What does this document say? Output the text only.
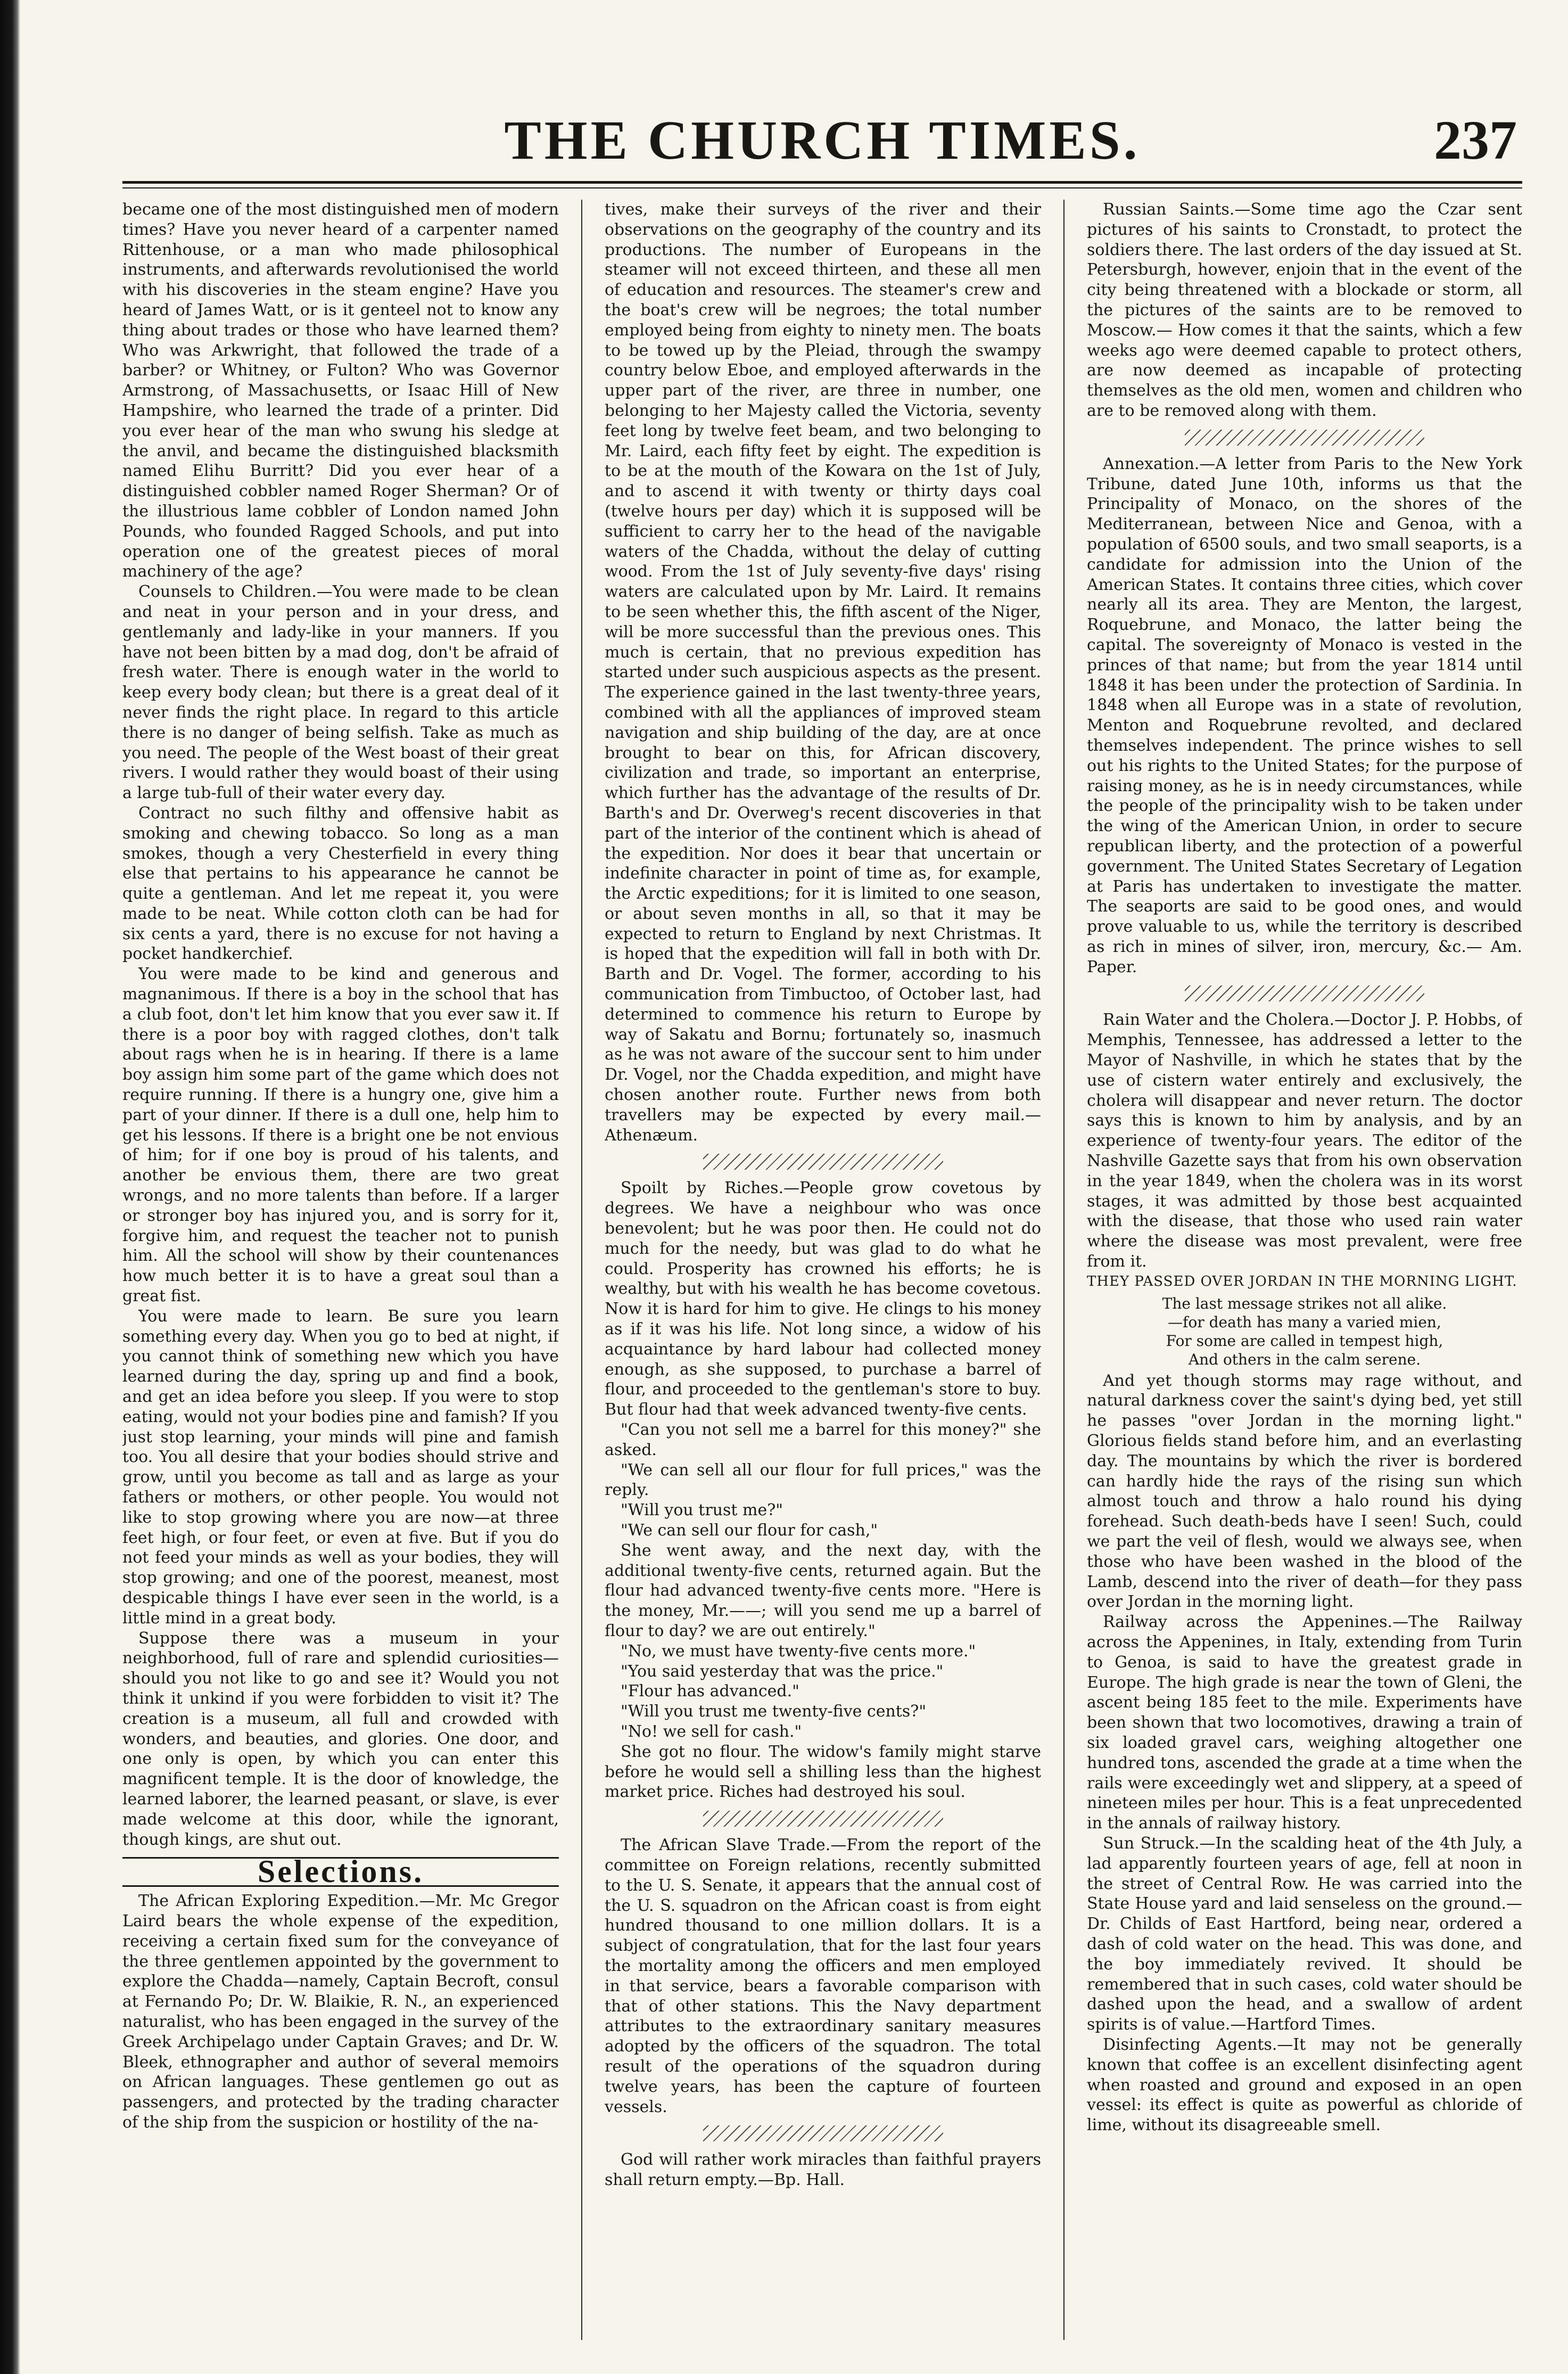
THE CHURCH TIMES.	237

became one of the most distinguished men of modern times? Have you never heard of a carpenter named Rittenhouse, or a man who made philosophical instruments, and afterwards revolutionised the world with his discoveries in the steam engine? Have you heard of James Watt, or is it genteel not to know any thing about trades or those who have learned them? Who was Arkwright, that followed the trade of a barber? or Whitney, or Fulton? Who was Governor Armstrong, of Massachusetts, or Isaac Hill of New Hampshire, who learned the trade of a printer. Did you ever hear of the man who swung his sledge at the anvil, and became the distinguished blacksmith named Elihu Burritt? Did you ever hear of a distinguished cobbler named Roger Sherman? Or of the illustrious lame cobbler of London named John Pounds, who founded Ragged Schools, and put into operation one of the greatest pieces of moral machinery of the age?

Counsels to Children.—You were made to be clean and neat in your person and in your dress, and gentlemanly and lady-like in your manners. If you have not been bitten by a mad dog, don't be afraid of fresh water. There is enough water in the world to keep every body clean; but there is a great deal of it never finds the right place. In regard to this article there is no danger of being selfish. Take as much as you need. The people of the West boast of their great rivers. I would rather they would boast of their using a large tub-full of their water every day.

Contract no such filthy and offensive habit as smoking and chewing tobacco. So long as a man smokes, though a very Chesterfield in every thing else that pertains to his appearance he cannot be quite a gentleman. And let me repeat it, you were made to be neat. While cotton cloth can be had for six cents a yard, there is no excuse for not having a pocket handkerchief.

You were made to be kind and generous and magnanimous. If there is a boy in the school that has a club foot, don't let him know that you ever saw it. If there is a poor boy with ragged clothes, don't talk about rags when he is in hearing. If there is a lame boy assign him some part of the game which does not require running. If there is a hungry one, give him a part of your dinner. If there is a dull one, help him to get his lessons. If there is a bright one be not envious of him; for if one boy is proud of his talents, and another be envious them, there are two great wrongs, and no more talents than before. If a larger or stronger boy has injured you, and is sorry for it, forgive him, and request the teacher not to punish him. All the school will show by their countenances how much better it is to have a great soul than a great fist.

You were made to learn. Be sure you learn something every day. When you go to bed at night, if you cannot think of something new which you have learned during the day, spring up and find a book, and get an idea before you sleep. If you were to stop eating, would not your bodies pine and famish? If you just stop learning, your minds will pine and famish too. You all desire that your bodies should strive and grow, until you become as tall and as large as your fathers or mothers, or other people. You would not like to stop growing where you are now—at three feet high, or four feet, or even at five. But if you do not feed your minds as well as your bodies, they will stop growing; and one of the poorest, meanest, most despicable things I have ever seen in the world, is a little mind in a great body.

Suppose there was a museum in your neighborhood, full of rare and splendid curiosities—should you not like to go and see it? Would you not think it unkind if you were forbidden to visit it? The creation is a museum, all full and crowded with wonders, and beauties, and glories. One door, and one only is open, by which you can enter this magnificent temple. It is the door of knowledge, the learned laborer, the learned peasant, or slave, is ever made welcome at this door, while the ignorant, though kings, are shut out.

Selections.

The African Exploring Expedition.—Mr. Mc Gregor Laird bears the whole expense of the expedition, receiving a certain fixed sum for the conveyance of the three gentlemen appointed by the government to explore the Chadda—namely, Captain Becroft, consul at Fernando Po; Dr. W. Blaikie, R. N., an experienced naturalist, who has been engaged in the survey of the Greek Archipelago under Captain Graves; and Dr. W. Bleek, ethnographer and author of several memoirs on African languages. These gentlemen go out as passengers, and protected by the trading character of the ship from the suspicion or hostility of the na-

tives, make their surveys of the river and their observations on the geography of the country and its productions. The number of Europeans in the steamer will not exceed thirteen, and these all men of education and resources. The steamer's crew and the boat's crew will be negroes; the total number employed being from eighty to ninety men. The boats to be towed up by the Pleiad, through the swampy country below Eboe, and employed afterwards in the upper part of the river, are three in number, one belonging to her Majesty called the Victoria, seventy feet long by twelve feet beam, and two belonging to Mr. Laird, each fifty feet by eight. The expedition is to be at the mouth of the Kowara on the 1st of July, and to ascend it with twenty or thirty days coal (twelve hours per day) which it is supposed will be sufficient to carry her to the head of the navigable waters of the Chadda, without the delay of cutting wood. From the 1st of July seventy-five days' rising waters are calculated upon by Mr. Laird. It remains to be seen whether this, the fifth ascent of the Niger, will be more successful than the previous ones. This much is certain, that no previous expedition has started under such auspicious aspects as the present. The experience gained in the last twenty-three years, combined with all the appliances of improved steam navigation and ship building of the day, are at once brought to bear on this, for African discovery, civilization and trade, so important an enterprise, which further has the advantage of the results of Dr. Barth's and Dr. Overweg's recent discoveries in that part of the interior of the continent which is ahead of the expedition. Nor does it bear that uncertain or indefinite character in point of time as, for example, the Arctic expeditions; for it is limited to one season, or about seven months in all, so that it may be expected to return to England by next Christmas. It is hoped that the expedition will fall in both with Dr. Barth and Dr. Vogel. The former, according to his communication from Timbuctoo, of October last, had determined to commence his return to Europe by way of Sakatu and Bornu; fortunately so, inasmuch as he was not aware of the succour sent to him under Dr. Vogel, nor the Chadda expedition, and might have chosen another route. Further news from both travellers may be expected by every mail.—Athenæum.

Spoilt by Riches.—People grow covetous by degrees. We have a neighbour who was once benevolent; but he was poor then. He could not do much for the needy, but was glad to do what he could. Prosperity has crowned his efforts; he is wealthy, but with his wealth he has become covetous. Now it is hard for him to give. He clings to his money as if it was his life. Not long since, a widow of his acquaintance by hard labour had collected money enough, as she supposed, to purchase a barrel of flour, and proceeded to the gentleman's store to buy. But flour had that week advanced twenty-five cents.

"Can you not sell me a barrel for this money?" she asked.

"We can sell all our flour for full prices," was the reply.

"Will you trust me?"

"We can sell our flour for cash,"

She went away, and the next day, with the additional twenty-five cents, returned again. But the flour had advanced twenty-five cents more. "Here is the money, Mr.——; will you send me up a barrel of flour to day? we are out entirely."

"No, we must have twenty-five cents more."

"You said yesterday that was the price."

"Flour has advanced."

"Will you trust me twenty-five cents?"

"No! we sell for cash."

She got no flour. The widow's family might starve before he would sell a shilling less than the highest market price. Riches had destroyed his soul.

The African Slave Trade.—From the report of the committee on Foreign relations, recently submitted to the U. S. Senate, it appears that the annual cost of the U. S. squadron on the African coast is from eight hundred thousand to one million dollars. It is a subject of congratulation, that for the last four years the mortality among the officers and men employed in that service, bears a favorable comparison with that of other stations. This the Navy department attributes to the extraordinary sanitary measures adopted by the officers of the squadron. The total result of the operations of the squadron during twelve years, has been the capture of fourteen vessels.

God will rather work miracles than faithful prayers shall return empty.—Bp. Hall.

Russian Saints.—Some time ago the Czar sent pictures of his saints to Cronstadt, to protect the soldiers there. The last orders of the day issued at St. Petersburgh, however, enjoin that in the event of the city being threatened with a blockade or storm, all the pictures of the saints are to be removed to Moscow.— How comes it that the saints, which a few weeks ago were deemed capable to protect others, are now deemed as incapable of protecting themselves as the old men, women and children who are to be removed along with them.

Annexation.—A letter from Paris to the New York Tribune, dated June 10th, informs us that the Principality of Monaco, on the shores of the Mediterranean, between Nice and Genoa, with a population of 6500 souls, and two small seaports, is a candidate for admission into the Union of the American States. It contains three cities, which cover nearly all its area. They are Menton, the largest, Roquebrune, and Monaco, the latter being the capital. The sovereignty of Monaco is vested in the princes of that name; but from the year 1814 until 1848 it has been under the protection of Sardinia. In 1848 when all Europe was in a state of revolution, Menton and Roquebrune revolted, and declared themselves independent. The prince wishes to sell out his rights to the United States; for the purpose of raising money, as he is in needy circumstances, while the people of the principality wish to be taken under the wing of the American Union, in order to secure republican liberty, and the protection of a powerful government. The United States Secretary of Legation at Paris has undertaken to investigate the matter. The seaports are said to be good ones, and would prove valuable to us, while the territory is described as rich in mines of silver, iron, mercury, &c.— Am. Paper.

Rain Water and the Cholera.—Doctor J. P. Hobbs, of Memphis, Tennessee, has addressed a letter to the Mayor of Nashville, in which he states that by the use of cistern water entirely and exclusively, the cholera will disappear and never return. The doctor says this is known to him by analysis, and by an experience of twenty-four years. The editor of the Nashville Gazette says that from his own observation in the year 1849, when the cholera was in its worst stages, it was admitted by those best acquainted with the disease, that those who used rain water where the disease was most prevalent, were free from it.

THEY PASSED OVER JORDAN IN THE MORNING LIGHT.

The last message strikes not all alike.
—for death has many a varied mien,
For some are called in tempest high,
And others in the calm serene.

And yet though storms may rage without, and natural darkness cover the saint's dying bed, yet still he passes "over Jordan in the morning light." Glorious fields stand before him, and an everlasting day. The mountains by which the river is bordered can hardly hide the rays of the rising sun which almost touch and throw a halo round his dying forehead. Such death-beds have I seen! Such, could we part the veil of flesh, would we always see, when those who have been washed in the blood of the Lamb, descend into the river of death—for they pass over Jordan in the morning light.

Railway across the Appenines.—The Railway across the Appenines, in Italy, extending from Turin to Genoa, is said to have the greatest grade in Europe. The high grade is near the town of Gleni, the ascent being 185 feet to the mile. Experiments have been shown that two locomotives, drawing a train of six loaded gravel cars, weighing altogether one hundred tons, ascended the grade at a time when the rails were exceedingly wet and slippery, at a speed of nineteen miles per hour. This is a feat unprecedented in the annals of railway history.

Sun Struck.—In the scalding heat of the 4th July, a lad apparently fourteen years of age, fell at noon in the street of Central Row. He was carried into the State House yard and laid senseless on the ground.—Dr. Childs of East Hartford, being near, ordered a dash of cold water on the head. This was done, and the boy immediately revived. It should be remembered that in such cases, cold water should be dashed upon the head, and a swallow of ardent spirits is of value.—Hartford Times.

Disinfecting Agents.—It may not be generally known that coffee is an excellent disinfecting agent when roasted and ground and exposed in an open vessel: its effect is quite as powerful as chloride of lime, without its disagreeable smell.
